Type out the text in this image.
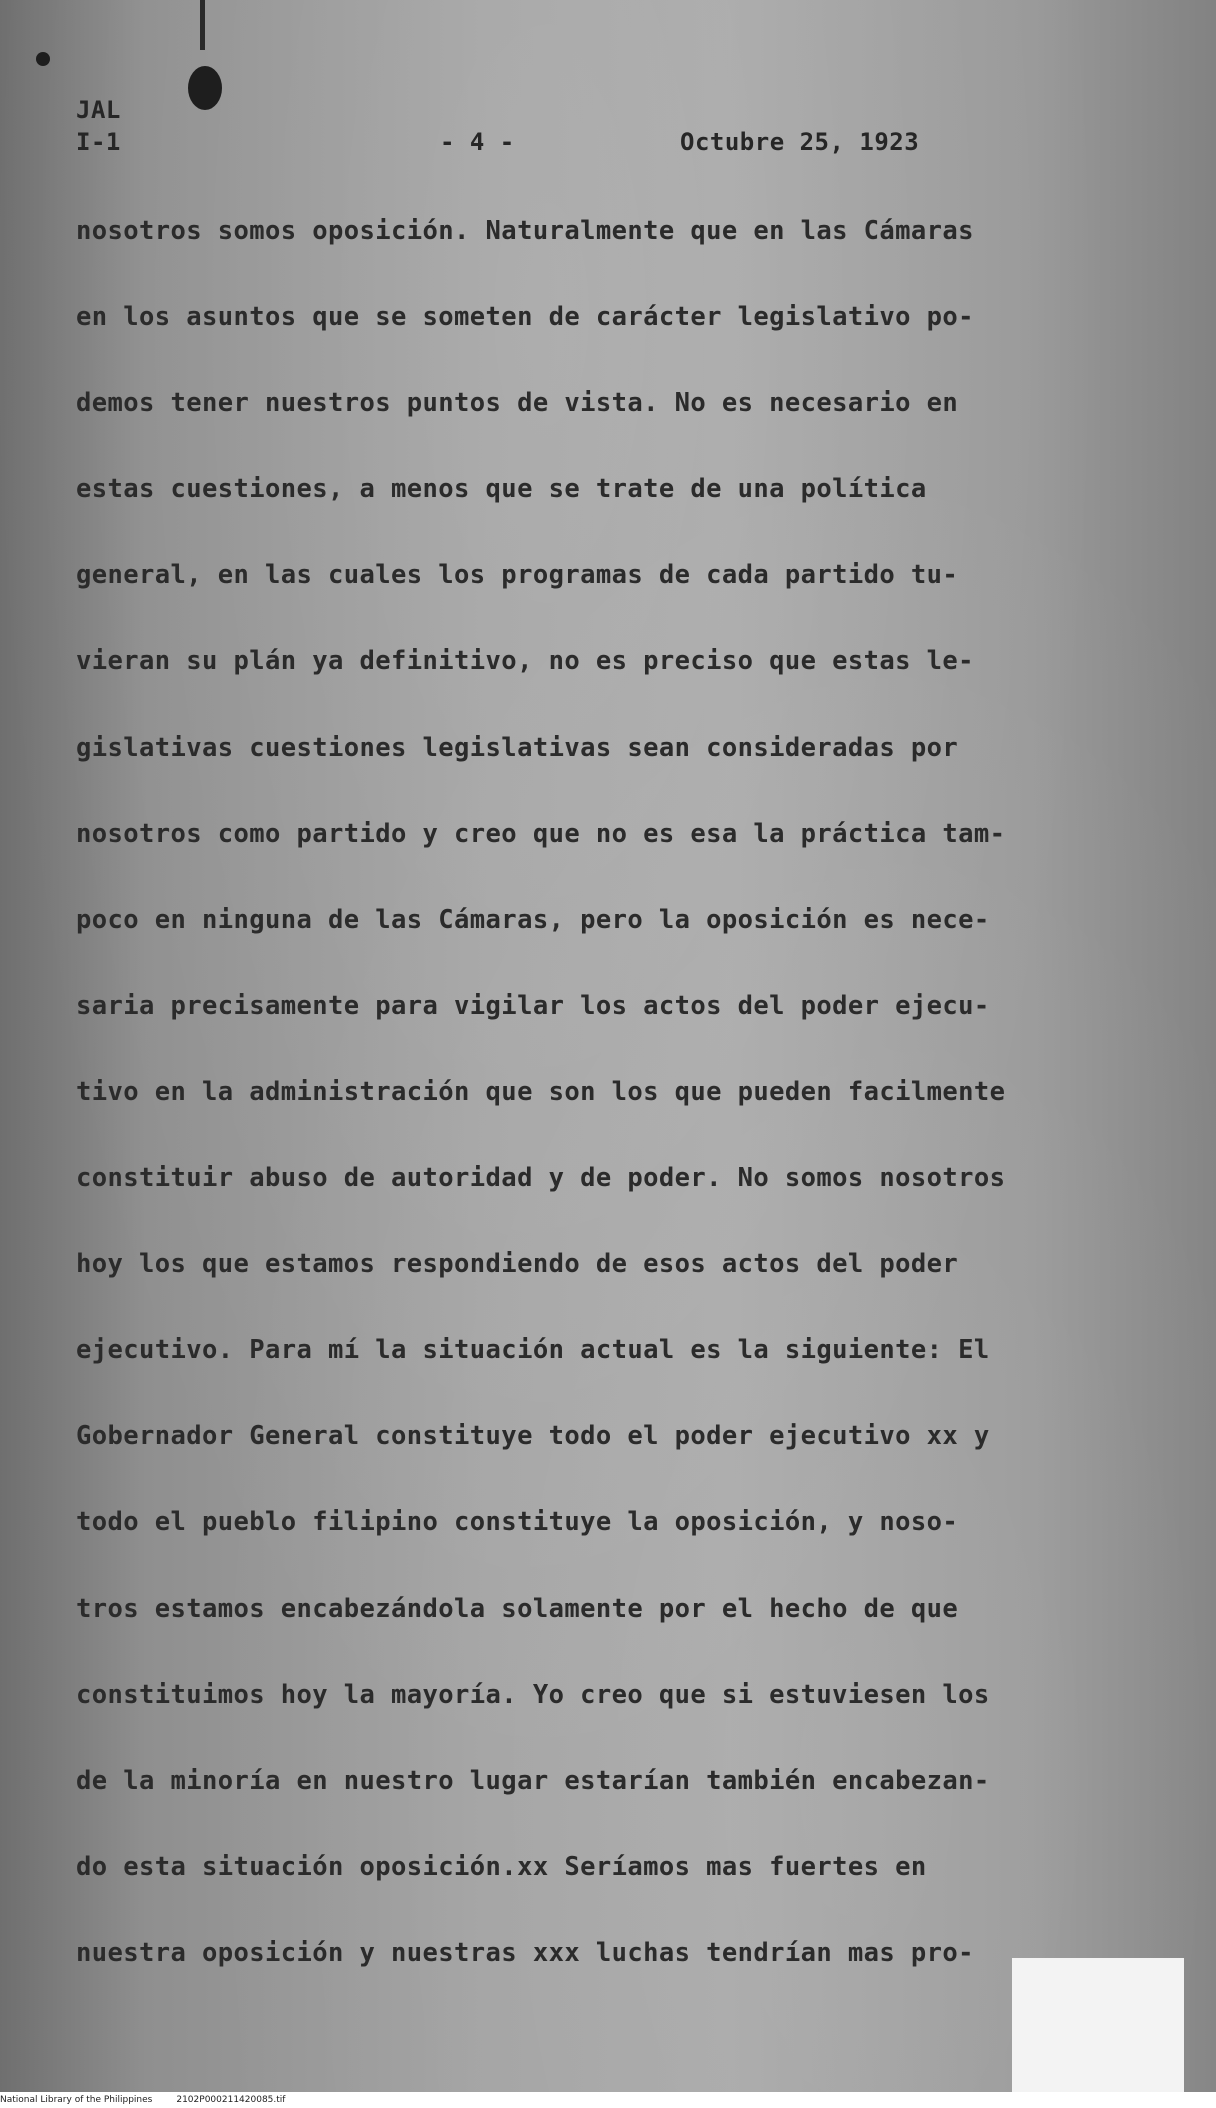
JAL
I-1	- 4 -	Octubre 25, 1923
nosotros somos oposición. Naturalmente que en las Cámaras
en los asuntos que se someten de carácter legislativo po-
demos tener nuestros puntos de vista. No es necesario en
estas cuestiones, a menos que se trate de una política
general, en las cuales los programas de cada partido tu-
vieran su plán ya definitivo, no es preciso que estas le-
gislativas cuestiones legislativas sean consideradas por
nosotros como partido y creo que no es esa la práctica tam-
poco en ninguna de las Cámaras, pero la oposición es nece-
saria precisamente para vigilar los actos del poder ejecu-
tivo en la administración que son los que pueden facilmente
constituir abuso de autoridad y de poder. No somos nosotros
hoy los que estamos respondiendo de esos actos del poder
ejecutivo. Para mí la situación actual es la siguiente: El
Gobernador General constituye todo el poder ejecutivo xx y
todo el pueblo filipino constituye la oposición, y noso-
tros estamos encabezándola solamente por el hecho de que
constituimos hoy la mayoría. Yo creo que si estuviesen los
de la minoría en nuestro lugar estarían también encabezan-
do esta situación oposición.xx Seríamos mas fuertes en
nuestra oposición y nuestras xxx luchas tendrían mas pro-
National Library of the Philippines	2102P000211420085.tif
